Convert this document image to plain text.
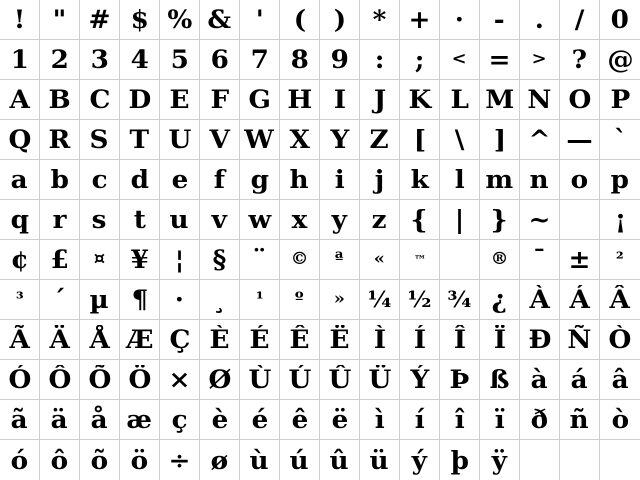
! " # $ % & ' ( ) * + · - . / 0
1 2 3 4 5 6 7 8 9 : ; < = > ? @
A B C D E F G H I J K L M N O P
Q R S T U V W X Y Z [ \ ] ^ — `
a b c d e f g h i j k l m n o p
q r s t u v w x y z { | } ~	¡
¢ £ ¤ ¥ ¦ § ¨ © ª « ™	® ¯ ± ²
³ ´ µ ¶ · ¸ ¹ º » ¼ ½ ¾ ¿ À Á Â
Ã Ä Å Æ Ç È É Ê Ë Ì Í Î Ï Ð Ñ Ò
Ó Ô Õ Ö × Ø Ù Ú Û Ü Ý Þ ß à á â
ã ä å æ ç è é ê ë ì í î ï ð ñ ò
ó ô õ ö ÷ ø ù ú û ü ý þ ÿ
